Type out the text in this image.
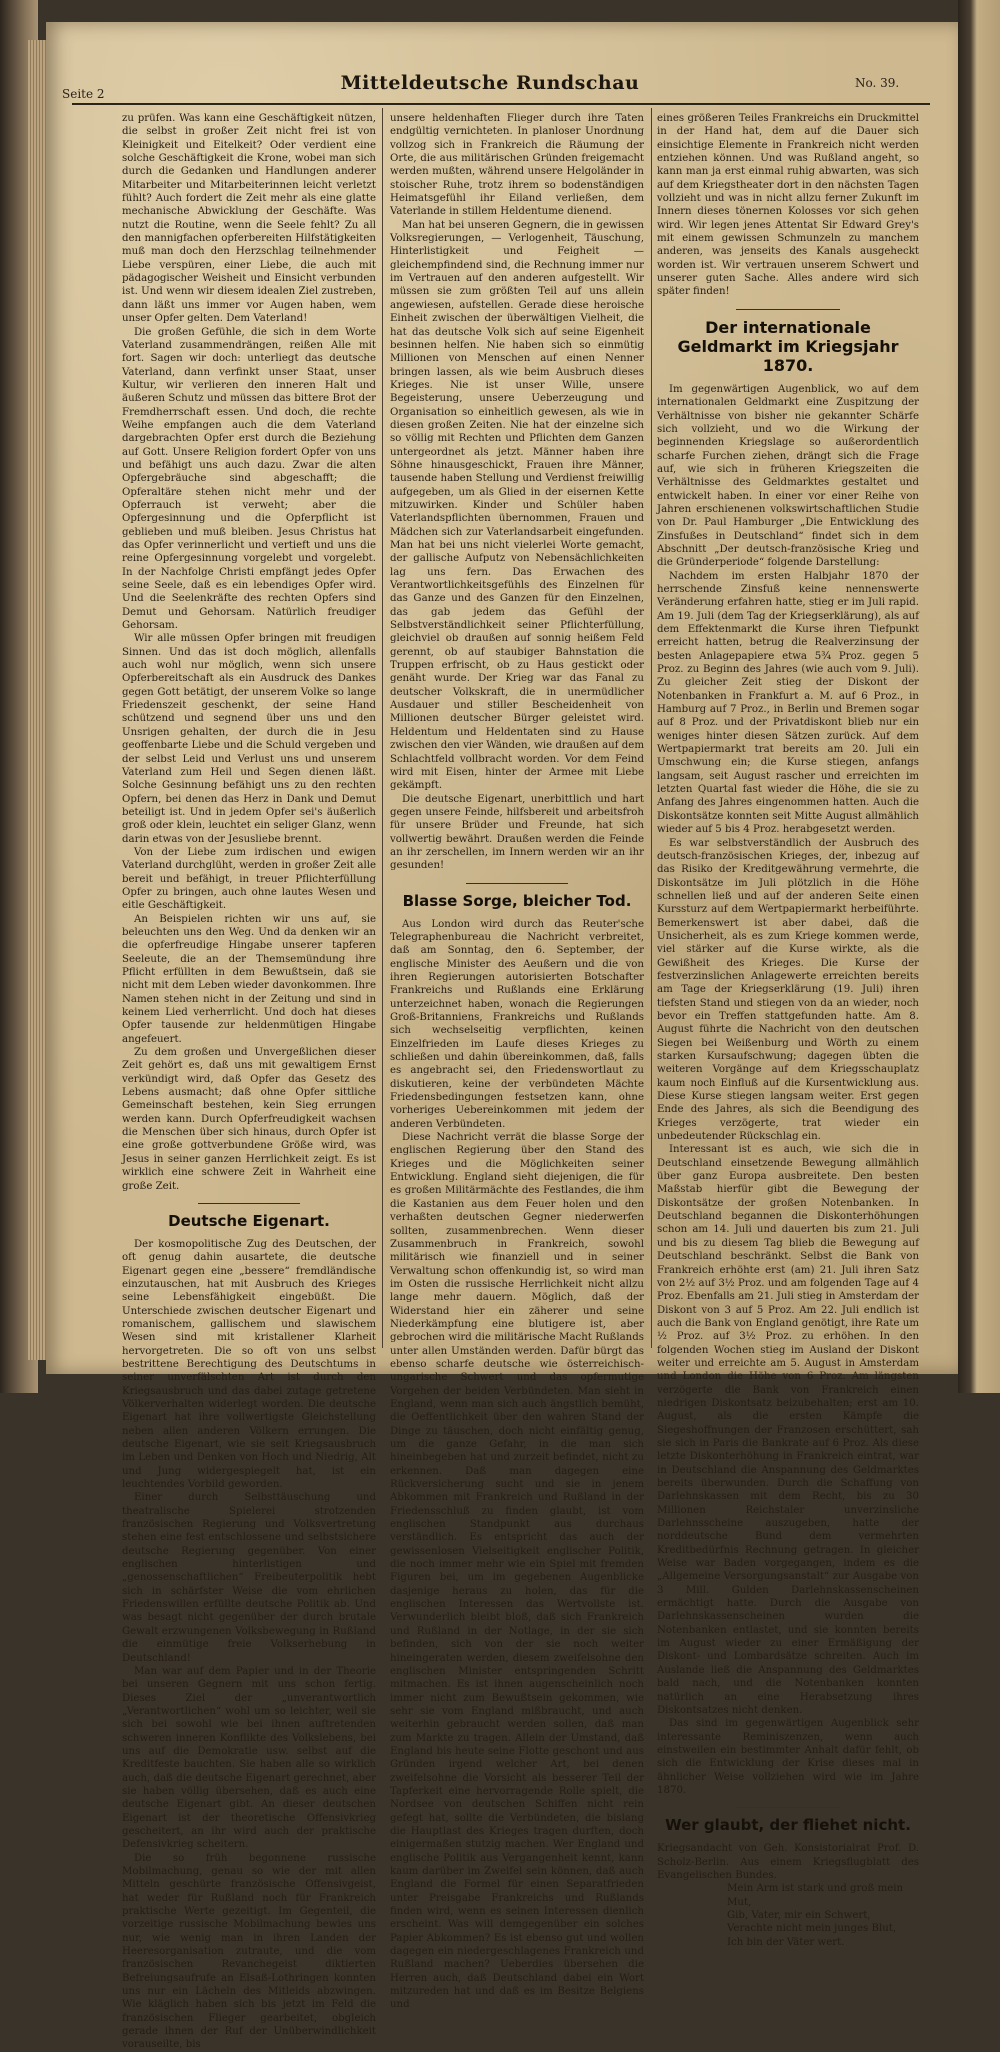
Seite 2	Mitteldeutsche Rundschau	No. 39.

zu prüfen. Was kann eine Geschäftigkeit nützen, die selbst in großer Zeit nicht frei ist von Kleinigkeit und Eitelkeit? Oder verdient eine solche Geschäftigkeit die Krone, wobei man sich durch die Gedanken und Handlungen anderer Mitarbeiter und Mitarbeiterinnen leicht verletzt fühlt? Auch fordert die Zeit mehr als eine glatte mechanische Abwicklung der Geschäfte. Was nutzt die Routine, wenn die Seele fehlt? Zu all den mannigfachen opferbereiten Hilfstätigkeiten muß man doch den Herzschlag teilnehmender Liebe verspüren, einer Liebe, die auch mit pädagogischer Weisheit und Einsicht verbunden ist. Und wenn wir diesem idealen Ziel zustreben, dann läßt uns immer vor Augen haben, wem unser Opfer gelten. Dem Vaterland!

Die großen Gefühle, die sich in dem Worte Vaterland zusammendrängen, reißen Alle mit fort. Sagen wir doch: unterliegt das deutsche Vaterland, dann verfinkt unser Staat, unser Kultur, wir verlieren den inneren Halt und äußeren Schutz und müssen das bittere Brot der Fremdherrschaft essen. Und doch, die rechte Weihe empfangen auch die dem Vaterland dargebrachten Opfer erst durch die Beziehung auf Gott. Unsere Religion fordert Opfer von uns und befähigt uns auch dazu. Zwar die alten Opfergebräuche sind abgeschafft; die Opferaltäre stehen nicht mehr und der Opferrauch ist verweht; aber die Opfergesinnung und die Opferpflicht ist geblieben und muß bleiben. Jesus Christus hat das Opfer verinnerlicht und vertieft und uns die reine Opfergesinnung vorgelebt und vorgelebt. In der Nachfolge Christi empfängt jedes Opfer seine Seele, daß es ein lebendiges Opfer wird. Und die Seelenkräfte des rechten Opfers sind Demut und Gehorsam. Natürlich freudiger Gehorsam.

Wir alle müssen Opfer bringen mit freudigen Sinnen. Und das ist doch möglich, allenfalls auch wohl nur möglich, wenn sich unsere Opferbereitschaft als ein Ausdruck des Dankes gegen Gott betätigt, der unserem Volke so lange Friedenszeit geschenkt, der seine Hand schützend und segnend über uns und den Unsrigen gehalten, der durch die in Jesu geoffenbarte Liebe und die Schuld vergeben und der selbst Leid und Verlust uns und unserem Vaterland zum Heil und Segen dienen läßt. Solche Gesinnung befähigt uns zu den rechten Opfern, bei denen das Herz in Dank und Demut beteiligt ist. Und in jedem Opfer sei's äußerlich groß oder klein, leuchtet ein seliger Glanz, wenn darin etwas von der Jesusliebe brennt.

Von der Liebe zum irdischen und ewigen Vaterland durchglüht, werden in großer Zeit alle bereit und befähigt, in treuer Pflichterfüllung Opfer zu bringen, auch ohne lautes Wesen und eitle Geschäftigkeit.

An Beispielen richten wir uns auf, sie beleuchten uns den Weg. Und da denken wir an die opferfreudige Hingabe unserer tapferen Seeleute, die an der Themsemündung ihre Pflicht erfüllten in dem Bewußtsein, daß sie nicht mit dem Leben wieder davonkommen. Ihre Namen stehen nicht in der Zeitung und sind in keinem Lied verherrlicht. Und doch hat dieses Opfer tausende zur heldenmütigen Hingabe angefeuert.

Zu dem großen und Unvergeßlichen dieser Zeit gehört es, daß uns mit gewaltigem Ernst verkündigt wird, daß Opfer das Gesetz des Lebens ausmacht; daß ohne Opfer sittliche Gemeinschaft bestehen, kein Sieg errungen werden kann. Durch Opferfreudigkeit wachsen die Menschen über sich hinaus, durch Opfer ist eine große gottverbundene Größe wird, was Jesus in seiner ganzen Herrlichkeit zeigt. Es ist wirklich eine schwere Zeit in Wahrheit eine große Zeit.

Deutsche Eigenart.

Der kosmopolitische Zug des Deutschen, der oft genug dahin ausartete, die deutsche Eigenart gegen eine „bessere“ fremdländische einzutauschen, hat mit Ausbruch des Krieges seine Lebensfähigkeit eingebüßt. Die Unterschiede zwischen deutscher Eigenart und romanischem, gallischem und slawischem Wesen sind mit kristallener Klarheit hervorgetreten. Die so oft von uns selbst bestrittene Berechtigung des Deutschtums in seiner unverfälschten Art ist durch den Kriegsausbruch und das dabei zutage getretene Völkerverhalten widerlegt worden. Die deutsche Eigenart hat ihre vollwertigste Gleichstellung neben allen anderen Völkern errungen. Die deutsche Eigenart, wie sie seit Kriegsausbruch im Leben und Denken von Hoch und Niedrig, Alt und Jung widergespiegelt hat, ist ein leuchtendes Vorbild geworden.

Einer durch Selbsttäuschung und theatralische Spielerei strotzenden französischen Regierung und Volksvertretung stehen eine fest entschlossene und selbstsichere deutsche Regierung gegenüber. Von einer englischen hinterlistigen und „genossenschaftlichen“ Freibeuterpolitik hebt sich in schärfster Weise die vom ehrlichen Friedenswillen erfüllte deutsche Politik ab. Und was besagt nicht gegenüber der durch brutale Gewalt erzwungenen Volksbewegung in Rußland die einmütige freie Volkserhebung in Deutschland!

Man war auf dem Papier und in der Theorie bei unseren Gegnern mit uns schon fertig. Dieses Ziel der „unverantwortlich „Verantwortlichen“ wohl um so leichter, weil sie sich bei sowohl wie bei ihnen auftretenden schweren inneren Konflikte des Volkslebens, bei uns auf die Demokratie usw. selbst auf die Kreditfeste bauchten. Sie haben alle so wirklich auch, daß die deutsche Eigenart gerechnet, aber sie haben völlig übersehen, daß es auch eine deutsche Eigenart gibt. An dieser deutschen Eigenart ist der theoretische Offensivkrieg gescheitert, an ihr wird auch der praktische Defensivkrieg scheitern.

Die so früh begonnene russische Mobilmachung, genau so wie der mit allen Mitteln geschürte französische Offensivgeist, hat weder für Rußland noch für Frankreich praktische Werte gezeitigt. Im Gegenteil, die vorzeitige russische Mobilmachung bewies uns nur, wie wenig man in ihren Landen der Heeresorganisation zutraute, und die vom französischen Revanchegeist diktierten Befreiungsaufrufe an Elsaß-Lothringen konnten uns nur ein Lächeln des Mitleids abzwingen. Wie kläglich haben sich bis jetzt im Feld die französischen Flieger gearbeitet, obgleich gerade ihnen der Ruf der Unüberwindlichkeit vorauseilte, bis

unsere heldenhaften Flieger durch ihre Taten endgültig vernichteten. In planloser Unordnung vollzog sich in Frankreich die Räumung der Orte, die aus militärischen Gründen freigemacht werden mußten, während unsere Helgoländer in stoischer Ruhe, trotz ihrem so bodenständigen Heimatsgefühl ihr Eiland verließen, dem Vaterlande in stillem Heldentume dienend.

Man hat bei unseren Gegnern, die in gewissen Volksregierungen, — Verlogenheit, Täuschung, Hinterlistigkeit und Feigheit — gleichempfindend sind, die Rechnung immer nur im Vertrauen auf den anderen aufgestellt. Wir müssen sie zum größten Teil auf uns allein angewiesen, aufstellen. Gerade diese heroische Einheit zwischen der überwältigen Vielheit, die hat das deutsche Volk sich auf seine Eigenheit besinnen helfen. Nie haben sich so einmütig Millionen von Menschen auf einen Nenner bringen lassen, als wie beim Ausbruch dieses Krieges. Nie ist unser Wille, unsere Begeisterung, unsere Ueberzeugung und Organisation so einheitlich gewesen, als wie in diesen großen Zeiten. Nie hat der einzelne sich so völlig mit Rechten und Pflichten dem Ganzen untergeordnet als jetzt. Männer haben ihre Söhne hinausgeschickt, Frauen ihre Männer, tausende haben Stellung und Verdienst freiwillig aufgegeben, um als Glied in der eisernen Kette mitzuwirken. Kinder und Schüler haben Vaterlandspflichten übernommen, Frauen und Mädchen sich zur Vaterlandsarbeit eingefunden. Man hat bei uns nicht vielerlei Worte gemacht, der gallische Aufputz von Nebensächlichkeiten lag uns fern. Das Erwachen des Verantwortlichkeitsgefühls des Einzelnen für das Ganze und des Ganzen für den Einzelnen, das gab jedem das Gefühl der Selbstverständlichkeit seiner Pflichterfüllung, gleichviel ob draußen auf sonnig heißem Feld gerennt, ob auf staubiger Bahnstation die Truppen erfrischt, ob zu Haus gestickt oder genäht wurde. Der Krieg war das Fanal zu deutscher Volkskraft, die in unermüdlicher Ausdauer und stiller Bescheidenheit von Millionen deutscher Bürger geleistet wird. Heldentum und Heldentaten sind zu Hause zwischen den vier Wänden, wie draußen auf dem Schlachtfeld vollbracht worden. Vor dem Feind wird mit Eisen, hinter der Armee mit Liebe gekämpft.

Die deutsche Eigenart, unerbittlich und hart gegen unsere Feinde, hilfsbereit und arbeitsfroh für unsere Brüder und Freunde, hat sich vollwertig bewährt. Draußen werden die Feinde an ihr zerschellen, im Innern werden wir an ihr gesunden!

Blasse Sorge, bleicher Tod.

Aus London wird durch das Reuter'sche Telegraphenbureau die Nachricht verbreitet, daß am Sonntag, den 6. September, der englische Minister des Aeußern und die von ihren Regierungen autorisierten Botschafter Frankreichs und Rußlands eine Erklärung unterzeichnet haben, wonach die Regierungen Groß-Britanniens, Frankreichs und Rußlands sich wechselseitig verpflichten, keinen Einzelfrieden im Laufe dieses Krieges zu schließen und dahin übereinkommen, daß, falls es angebracht sei, den Friedenswortlaut zu diskutieren, keine der verbündeten Mächte Friedensbedingungen festsetzen kann, ohne vorheriges Uebereinkommen mit jedem der anderen Verbündeten.

Diese Nachricht verrät die blasse Sorge der englischen Regierung über den Stand des Krieges und die Möglichkeiten seiner Entwicklung. England sieht diejenigen, die für es großen Militärmächte des Festlandes, die ihm die Kastanien aus dem Feuer holen und den verhaßten deutschen Gegner niederwerfen sollten, zusammenbrechen. Wenn dieser Zusammenbruch in Frankreich, sowohl militärisch wie finanziell und in seiner Verwaltung schon offenkundig ist, so wird man im Osten die russische Herrlichkeit nicht allzu lange mehr dauern. Möglich, daß der Widerstand hier ein zäherer und seine Niederkämpfung eine blutigere ist, aber gebrochen wird die militärische Macht Rußlands unter allen Umständen werden. Dafür bürgt das ebenso scharfe deutsche wie österreichisch-ungarische Schwert und das opfermutige Vorgehen der beiden Verbündeten. Man sieht in England, wenn man sich auch ängstlich bemüht, die Oeffentlichkeit über den wahren Stand der Dinge zu täuschen, doch nicht einfältig genug, um die ganze Gefahr, in die man sich hineinbegeben hat und zurzeit befindet, nicht zu erkennen. Daß man dagegen eine Rückversicherung sucht und sie in jenem Abkommen mit Frankreich und Rußland in der Friedensschluß zu finden glaubt, ist vom englischen Standpunkt aus durchaus verständlich. Es entspricht das auch der gewissenlosen Vielseitigkeit englischer Politik, die noch immer mehr wie ein Spiel mit fremden Figuren bei, um im gegebenen Augenblicke dasjenige heraus zu holen, das für die englischen Interessen das Wertvollste ist. Verwunderlich bleibt bloß, daß sich Frankreich und Rußland in der Notlage, in der sie sich befinden, sich von der sie noch weiter hineingeraten werden, diesem zweifelsohne den englischen Minister entspringenden Schritt mitmachen. Es ist ihnen augenscheinlich noch immer nicht zum Bewußtsein gekommen, wie sehr sie vom England mißbraucht, und auch weiterhin gebraucht werden sollen, daß man zum Markte zu tragen. Allein der Umstand, daß England bis heute seine Flotte geschont und aus Gründen irgend welcher Art, bei denen zweifelsohne die Vorsicht als besserer Teil der Tapferkeit eine hervorragende Rolle spielt, die Nordsee von deutschen Schiffen nicht rein gefegt hat, sollte die Verbündeten, die bislang die Hauptlast des Krieges tragen durften, doch einigermaßen stutzig machen. Wer England und englische Politik aus Vergangenheit kennt, kann kaum darüber im Zweifel sein können, daß auch England die Formel für einen Separatfrieden unter Preisgabe Frankreichs und Rußlands finden wird, wenn es seinen Interessen dienlich erscheint. Was will demgegenüber ein solches Papier Abkommen? Es ist ebenso gut und wollen dagegen ein niedergeschlagenes Frankreich und Rußland machen? Ueberdies übersehen die Herren auch, daß Deutschland dabei ein Wort mitzureden hat und daß es im Besitze Belgiens und

eines größeren Teiles Frankreichs ein Druckmittel in der Hand hat, dem auf die Dauer sich einsichtige Elemente in Frankreich nicht werden entziehen können. Und was Rußland angeht, so kann man ja erst einmal ruhig abwarten, was sich auf dem Kriegstheater dort in den nächsten Tagen vollzieht und was in nicht allzu ferner Zukunft im Innern dieses tönernen Kolosses vor sich gehen wird. Wir legen jenes Attentat Sir Edward Grey's mit einem gewissen Schmunzeln zu manchem anderen, was jenseits des Kanals ausgeheckt worden ist. Wir vertrauen unserem Schwert und unserer guten Sache. Alles andere wird sich später finden!

Der internationale Geldmarkt im Kriegsjahr 1870.

Im gegenwärtigen Augenblick, wo auf dem internationalen Geldmarkt eine Zuspitzung der Verhältnisse von bisher nie gekannter Schärfe sich vollzieht, und wo die Wirkung der beginnenden Kriegslage so außerordentlich scharfe Furchen ziehen, drängt sich die Frage auf, wie sich in früheren Kriegszeiten die Verhältnisse des Geldmarktes gestaltet und entwickelt haben. In einer vor einer Reihe von Jahren erschienenen volkswirtschaftlichen Studie von Dr. Paul Hamburger „Die Entwicklung des Zinsfußes in Deutschland“ findet sich in dem Abschnitt „Der deutsch-französische Krieg und die Gründerperiode“ folgende Darstellung:

Nachdem im ersten Halbjahr 1870 der herrschende Zinsfuß keine nennenswerte Veränderung erfahren hatte, stieg er im Juli rapid. Am 19. Juli (dem Tag der Kriegserklärung), als auf dem Effektenmarkt die Kurse ihren Tiefpunkt erreicht hatten, betrug die Realverzinsung der besten Anlagepapiere etwa 5¾ Proz. gegen 5 Proz. zu Beginn des Jahres (wie auch vom 9. Juli). Zu gleicher Zeit stieg der Diskont der Notenbanken in Frankfurt a. M. auf 6 Proz., in Hamburg auf 7 Proz., in Berlin und Bremen sogar auf 8 Proz. und der Privatdiskont blieb nur ein weniges hinter diesen Sätzen zurück. Auf dem Wertpapiermarkt trat bereits am 20. Juli ein Umschwung ein; die Kurse stiegen, anfangs langsam, seit August rascher und erreichten im letzten Quartal fast wieder die Höhe, die sie zu Anfang des Jahres eingenommen hatten. Auch die Diskontsätze konnten seit Mitte August allmählich wieder auf 5 bis 4 Proz. herabgesetzt werden.

Es war selbstverständlich der Ausbruch des deutsch-französischen Krieges, der, inbezug auf das Risiko der Kreditgewährung vermehrte, die Diskontsätze im Juli plötzlich in die Höhe schnellen ließ und auf der anderen Seite einen Kurssturz auf dem Wertpapiermarkt herbeiführte. Bemerkenswert ist aber dabei, daß die Unsicherheit, als es zum Kriege kommen werde, viel stärker auf die Kurse wirkte, als die Gewißheit des Krieges. Die Kurse der festverzinslichen Anlagewerte erreichten bereits am Tage der Kriegserklärung (19. Juli) ihren tiefsten Stand und stiegen von da an wieder, noch bevor ein Treffen stattgefunden hatte. Am 8. August führte die Nachricht von den deutschen Siegen bei Weißenburg und Wörth zu einem starken Kursaufschwung; dagegen übten die weiteren Vorgänge auf dem Kriegsschauplatz kaum noch Einfluß auf die Kursentwicklung aus. Diese Kurse stiegen langsam weiter. Erst gegen Ende des Jahres, als sich die Beendigung des Krieges verzögerte, trat wieder ein unbedeutender Rückschlag ein.

Interessant ist es auch, wie sich die in Deutschland einsetzende Bewegung allmählich über ganz Europa ausbreitete. Den besten Maßstab hierfür gibt die Bewegung der Diskontsätze der großen Notenbanken. In Deutschland begannen die Diskonterhöhungen schon am 14. Juli und dauerten bis zum 21. Juli und bis zu diesem Tag blieb die Bewegung auf Deutschland beschränkt. Selbst die Bank von Frankreich erhöhte erst (am) 21. Juli ihren Satz von 2½ auf 3½ Proz. und am folgenden Tage auf 4 Proz. Ebenfalls am 21. Juli stieg in Amsterdam der Diskont von 3 auf 5 Proz. Am 22. Juli endlich ist auch die Bank von England genötigt, ihre Rate um ½ Proz. auf 3½ Proz. zu erhöhen. In den folgenden Wochen stieg im Ausland der Diskont weiter und erreichte am 5. August in Amsterdam und London die Höhe von 6 Proz. Am längsten verzögerte die Bank von Frankreich einen niedrigen Diskontsatz beizubehalten; erst am 10. August, als die ersten Kämpfe die Siegeshoffnungen der Franzosen erschüttert, sah sie sich in Paris die Bankrate auf 6 Proz. Als diese letzte Diskonterhöhung in Frankreich eintrat, war in Deutschland die Anspannung des Geldmarktes bereits überwunden. Durch die Schaffung von Darlehnskassen mit dem Recht, bis zu 30 Millionen Reichstaler unverzinsliche Darlehnsscheine auszugeben, hatte der norddeutsche Bund dem vermehrten Kreditbedürfnis Rechnung getragen. In gleicher Weise war Baden vorgegangen, indem es die „Allgemeine Versorgungsanstalt“ zur Ausgabe von 3 Mill. Gulden Darlehnskassenscheinen ermächtigt hatte. Durch die Ausgabe von Darlehnskassenscheinen wurden die Notenbanken entlastet, und sie konnten bereits im August wieder zu einer Ermäßigung der Diskont- und Lombardsätze schreiten. Auch im Auslande ließ die Anspannung des Geldmarktes bald nach, und die Notenbanken konnten natürlich an eine Herabsetzung ihres Diskontsatzes nicht denken.

Das sind im gegenwärtigen Augenblick sehr interessante Reminiszenzen, wenn auch einstweilen ein bestimmter Anhalt dafür fehlt, ob sich die Entwicklung der Krise dieses mal in ähnlicher Weise vollziehen wird wie im Jahre 1870.

Wer glaubt, der fliehet nicht.

Kriegsandacht von Geh. Konsistorialrat Prof. D. Scholz-Berlin. Aus einem Kriegsflugblatt des Evangelischen Bundes.

Mein Arm ist stark und groß mein Mut,
Gib, Vater, mir ein Schwert,
Verachte nicht mein junges Blut,
Ich bin der Väter wert.
